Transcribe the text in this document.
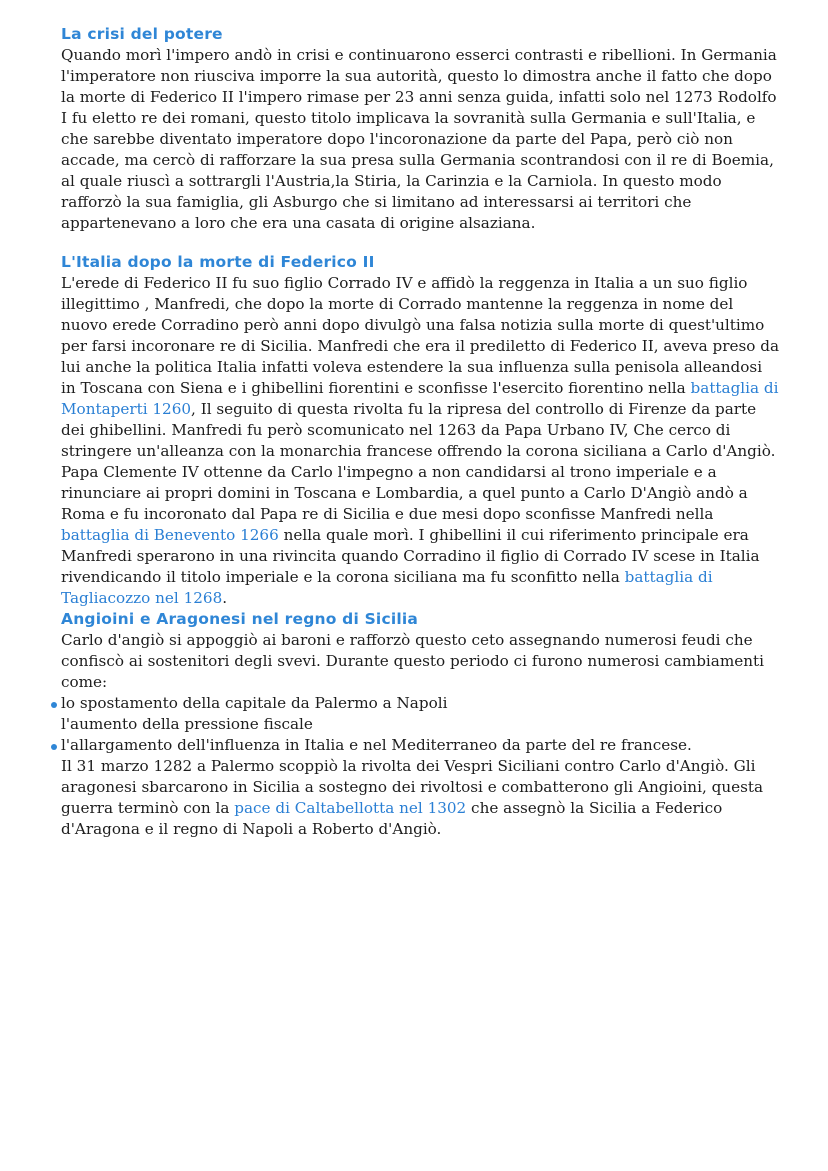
La crisi del potere

Quando morì l'impero andò in crisi e continuarono esserci contrasti e ribellioni. In Germania l'imperatore non riusciva imporre la sua autorità, questo lo dimostra anche il fatto che dopo la morte di Federico II l'impero rimase per 23 anni senza guida, infatti solo nel 1273 Rodolfo I fu eletto re dei romani, questo titolo implicava la sovranità sulla Germania e sull'Italia, e che sarebbe diventato imperatore dopo l'incoronazione da parte del Papa, però ciò non accade, ma cercò di rafforzare la sua presa sulla Germania scontrandosi con il re di Boemia, al quale riuscì a sottrargli l'Austria,la Stiria, la Carinzia e la Carniola. In questo modo rafforzò la sua famiglia, gli Asburgo che si limitano ad interessarsi ai territori che appartenevano a loro che era una casata di origine alsaziana.

L'Italia dopo la morte di Federico II

L'erede di Federico II fu suo figlio Corrado IV e affidò la reggenza in Italia a un suo figlio illegittimo , Manfredi, che dopo la morte di Corrado mantenne la reggenza in nome del nuovo erede Corradino però anni dopo divulgò una falsa notizia sulla morte di quest'ultimo per farsi incoronare re di Sicilia. Manfredi che era il prediletto di Federico II, aveva preso da lui anche la politica Italia infatti voleva estendere la sua influenza sulla penisola alleandosi in Toscana con Siena e i ghibellini fiorentini e sconfisse l'esercito fiorentino nella battaglia di Montaperti 1260, Il seguito di questa rivolta fu la ripresa del controllo di Firenze da parte dei ghibellini. Manfredi fu però scomunicato nel 1263 da Papa Urbano IV, Che cerco di stringere un'alleanza con la monarchia francese offrendo la corona siciliana a Carlo d'Angiò. Papa Clemente IV ottenne da Carlo l'impegno a non candidarsi al trono imperiale e a rinunciare ai propri domini in Toscana e Lombardia, a quel punto a Carlo D'Angiò andò a Roma e fu incoronato dal Papa re di Sicilia e due mesi dopo sconfisse Manfredi nella battaglia di Benevento 1266 nella quale morì. I ghibellini il cui riferimento principale era Manfredi sperarono in una rivincita quando Corradino il figlio di Corrado IV scese in Italia rivendicando il titolo imperiale e la corona siciliana ma fu sconfitto nella battaglia di Tagliacozzo nel 1268.

Angioini e Aragonesi nel regno di Sicilia

Carlo d'angiò si appoggiò ai baroni e rafforzò questo ceto assegnando numerosi feudi che confiscò ai sostenitori degli svevi. Durante questo periodo ci furono numerosi cambiamenti come:

lo spostamento della capitale da Palermo a Napoli
l'aumento della pressione fiscale
l'allargamento dell'influenza in Italia e nel Mediterraneo da parte del re francese.

Il 31 marzo 1282 a Palermo scoppiò la rivolta dei Vespri Siciliani contro Carlo d'Angiò. Gli aragonesi sbarcarono in Sicilia a sostegno dei rivoltosi e combatterono gli Angioini, questa guerra terminò con la pace di Caltabellotta nel 1302 che assegnò la Sicilia a Federico d'Aragona e il regno di Napoli a Roberto d'Angiò.
